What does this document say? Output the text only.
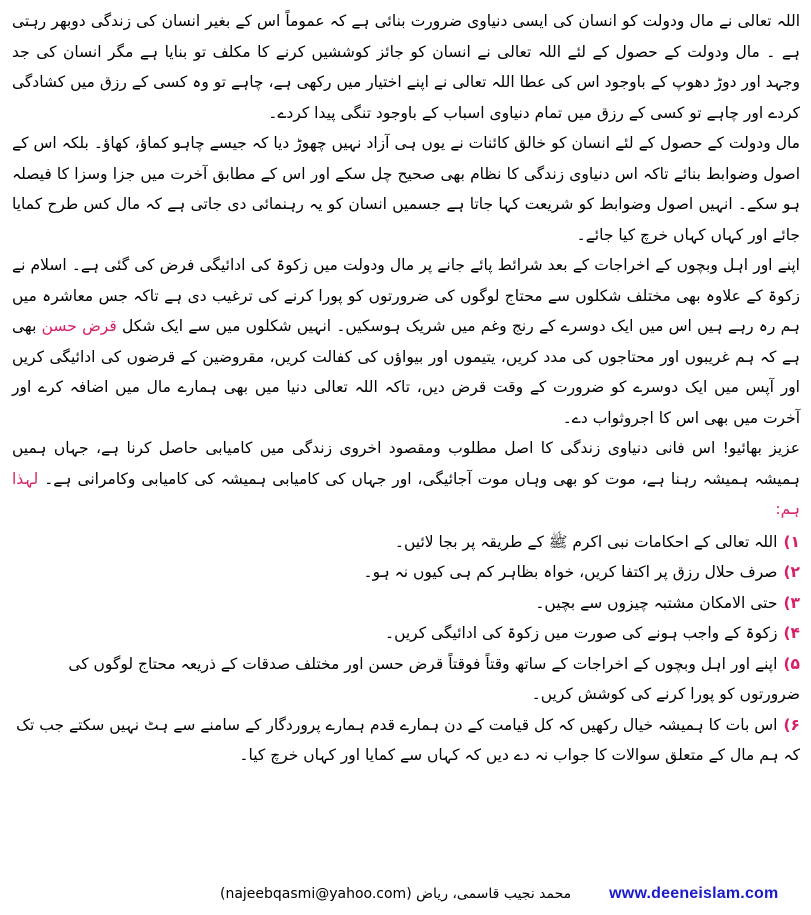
اللہ تعالی نے مال ودولت کو انسان کی ایسی دنیاوی ضرورت بنائی ہے کہ عموماً اس کے بغیر انسان کی زندگی دوبھر رہتی ہے ۔ مال ودولت کے حصول کے لئے اللہ تعالی نے انسان کو جائز کوششیں کرنے کا مکلف تو بنایا ہے مگر انسان کی جد وجہد اور دوڑ دھوپ کے باوجود اس کی عطا اللہ تعالی نے اپنے اختیار میں رکھی ہے، چاہے تو وہ کسی کے رزق میں کشادگی کردے اور چاہے تو کسی کے رزق میں تمام دنیاوی اسباب کے باوجود تنگی پیدا کردے۔

مال ودولت کے حصول کے لئے انسان کو خالق کائنات نے یوں ہی آزاد نہیں چھوڑ دیا کہ جیسے چاہو کماؤ، کھاؤ۔ بلکہ اس کے اصول وضوابط بنائے تاکہ اس دنیاوی زندگی کا نظام بھی صحیح چل سکے اور اس کے مطابق آخرت میں جزا وسزا کا فیصلہ ہو سکے۔ انہیں اصول وضوابط کو شریعت کہا جاتا ہے جسمیں انسان کو یہ رہنمائی دی جاتی ہے کہ مال کس طرح کمایا جائے اور کہاں کہاں خرچ کیا جائے۔

اپنے اور اہل وبچوں کے اخراجات کے بعد شرائط پائے جانے پر مال ودولت میں زکوۃ کی ادائیگی فرض کی گئی ہے۔ اسلام نے زکوۃ کے علاوہ بھی مختلف شکلوں سے محتاج لوگوں کی ضرورتوں کو پورا کرنے کی ترغیب دی ہے تاکہ جس معاشرہ میں ہم رہ رہے ہیں اس میں ایک دوسرے کے رنج وغم میں شریک ہوسکیں۔ انہیں شکلوں میں سے ایک شکل قرض حسن بھی ہے کہ ہم غریبوں اور محتاجوں کی مدد کریں، یتیموں اور بیواؤں کی کفالت کریں، مقروضین کے قرضوں کی ادائیگی کریں اور آپس میں ایک دوسرے کو ضرورت کے وقت قرض دیں، تاکہ اللہ تعالی دنیا میں بھی ہمارے مال میں اضافہ کرے اور آخرت میں بھی اس کا اجروثواب دے۔

عزیز بھائیو! اس فانی دنیاوی زندگی کا اصل مطلوب ومقصود اخروی زندگی میں کامیابی حاصل کرنا ہے، جہاں ہمیں ہمیشہ ہمیشہ رہنا ہے، موت کو بھی وہاں موت آجائیگی، اور جہاں کی کامیابی ہمیشہ کی کامیابی وکامرانی ہے۔ لہذا ہم:

۱)اللہ تعالی کے احکامات نبی اکرم ﷺ کے طریقہ پر بجا لائیں۔
۲)صرف حلال رزق پر اکتفا کریں، خواہ بظاہر کم ہی کیوں نہ ہو۔
۳)حتی الامکان مشتبہ چیزوں سے بچیں۔
۴)زکوۃ کے واجب ہونے کی صورت میں زکوۃ کی ادائیگی کریں۔
۵)اپنے اور اہل وبچوں کے اخراجات کے ساتھ وقتاً فوقتاً قرض حسن اور مختلف صدقات کے ذریعہ محتاج لوگوں کی ضرورتوں کو پورا کرنے کی کوشش کریں۔
۶)اس بات کا ہمیشہ خیال رکھیں کہ کل قیامت کے دن ہمارے قدم ہمارے پروردگار کے سامنے سے ہٹ نہیں سکتے جب تک کہ ہم مال کے متعلق سوالات کا جواب نہ دے دیں کہ کہاں سے کمایا اور کہاں خرچ کیا۔
محمد نجیب قاسمی، ریاض (najeebqasmi@yahoo.com) www.deeneislam.com
